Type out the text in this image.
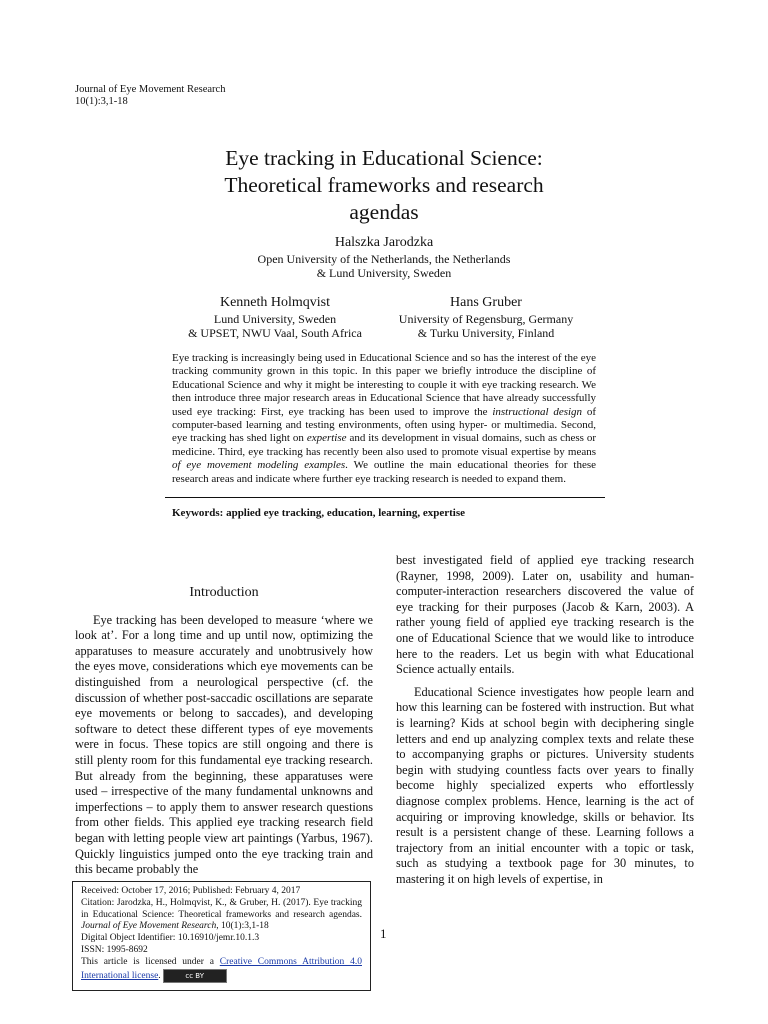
Journal of Eye Movement Research
10(1):3,1-18
Eye tracking in Educational Science:
Theoretical frameworks and research
agendas
Halszka Jarodzka
Open University of the Netherlands, the Netherlands
& Lund University, Sweden
Kenneth Holmqvist
Lund University, Sweden
& UPSET, NWU Vaal, South Africa
Hans Gruber
University of Regensburg, Germany
& Turku University, Finland
Eye tracking is increasingly being used in Educational Science and so has the interest of the eye tracking community grown in this topic. In this paper we briefly introduce the discipline of Educational Science and why it might be interesting to couple it with eye tracking research. We then introduce three major research areas in Educational Science that have already successfully used eye tracking: First, eye tracking has been used to improve the instructional design of computer-based learning and testing environments, often using hyper- or multimedia. Second, eye tracking has shed light on expertise and its development in visual domains, such as chess or medicine. Third, eye tracking has recently been also used to promote visual expertise by means of eye movement modeling examples. We outline the main educational theories for these research areas and indicate where further eye tracking research is needed to expand them.
Keywords: applied eye tracking, education, learning, expertise
Introduction

Eye tracking has been developed to measure ‘where we look at’. For a long time and up until now, optimizing the apparatuses to measure accurately and unobtrusively how the eyes move, considerations which eye movements can be distinguished from a neurological perspective (cf. the discussion of whether post-saccadic oscillations are separate eye movements or belong to saccades), and developing software to detect these different types of eye movements were in focus. These topics are still ongoing and there is still plenty room for this fundamental eye tracking research. But already from the beginning, these apparatuses were used – irrespective of the many fundamental unknowns and imperfections – to apply them to answer research questions from other fields. This applied eye tracking research field began with letting people view art paintings (Yarbus, 1967). Quickly linguistics jumped onto the eye tracking train and this became probably the

best investigated field of applied eye tracking research (Rayner, 1998, 2009). Later on, usability and human-computer-interaction researchers discovered the value of eye tracking for their purposes (Jacob & Karn, 2003). A rather young field of applied eye tracking research is the one of Educational Science that we would like to introduce here to the readers. Let us begin with what Educational Science actually entails.

Educational Science investigates how people learn and how this learning can be fostered with instruction. But what is learning? Kids at school begin with deciphering single letters and end up analyzing complex texts and relate these to accompanying graphs or pictures. University students begin with studying countless facts over years to finally become highly specialized experts who effortlessly diagnose complex problems. Hence, learning is the act of acquiring or improving knowledge, skills or behavior. Its result is a persistent change of these. Learning follows a trajectory from an initial encounter with a topic or task, such as studying a textbook page for 30 minutes, to mastering it on high levels of expertise, in

Received: October 17, 2016; Published: February 4, 2017
Citation: Jarodzka, H., Holmqvist, K., & Gruber, H. (2017). Eye tracking in Educational Science: Theoretical frameworks and research agendas. Journal of Eye Movement Research, 10(1):3,1-18
Digital Object Identifier: 10.16910/jemr.10.1.3
ISSN: 1995-8692
This article is licensed under a Creative Commons Attribution 4.0 International license.	cc BY
1
